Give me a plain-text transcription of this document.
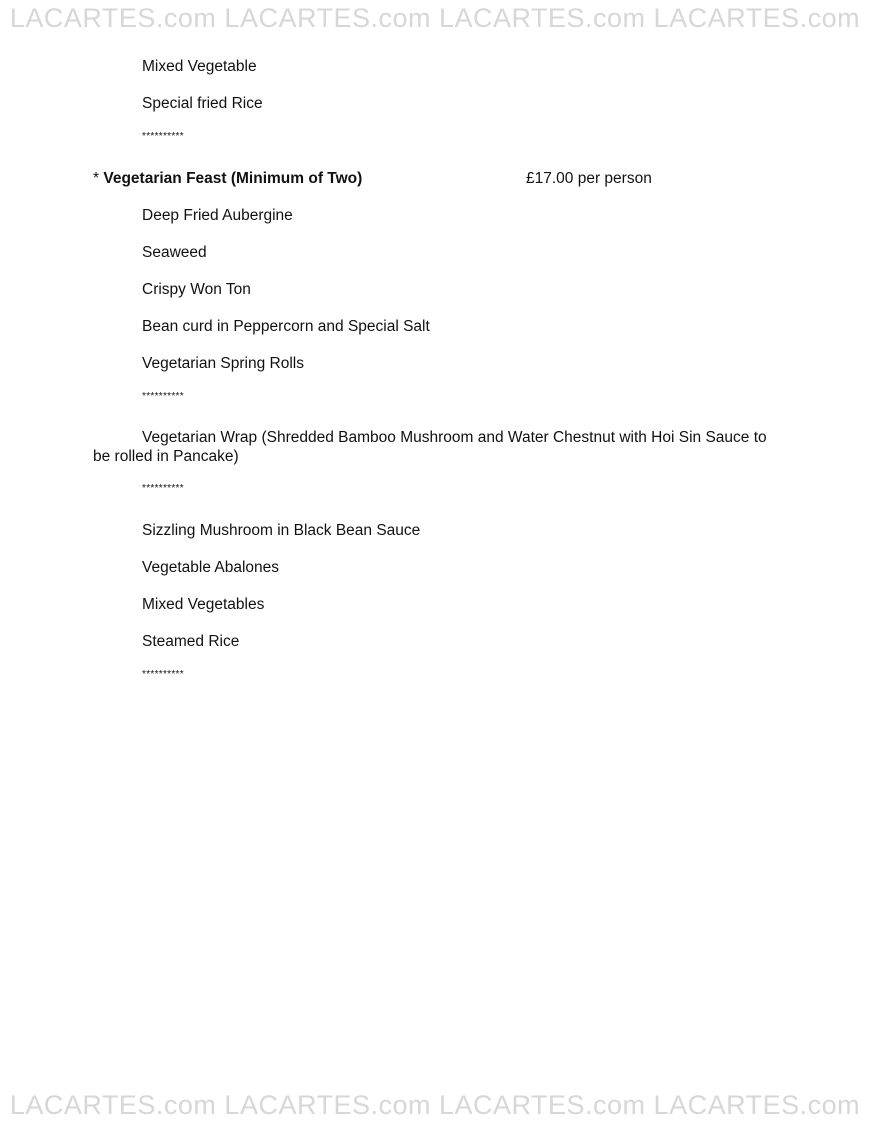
LACARTES.com LACARTES.com LACARTES.com LACARTES.com
Mixed Vegetable
Special fried Rice
**********
* Vegetarian Feast (Minimum of Two)	£17.00 per person
Deep Fried Aubergine
Seaweed
Crispy Won Ton
Bean curd in Peppercorn and Special Salt
Vegetarian Spring Rolls
**********
Vegetarian Wrap (Shredded Bamboo Mushroom and Water Chestnut with Hoi Sin Sauce to be rolled in Pancake)
**********
Sizzling Mushroom in Black Bean Sauce
Vegetable Abalones
Mixed Vegetables
Steamed Rice
**********
LACARTES.com LACARTES.com LACARTES.com LACARTES.com
